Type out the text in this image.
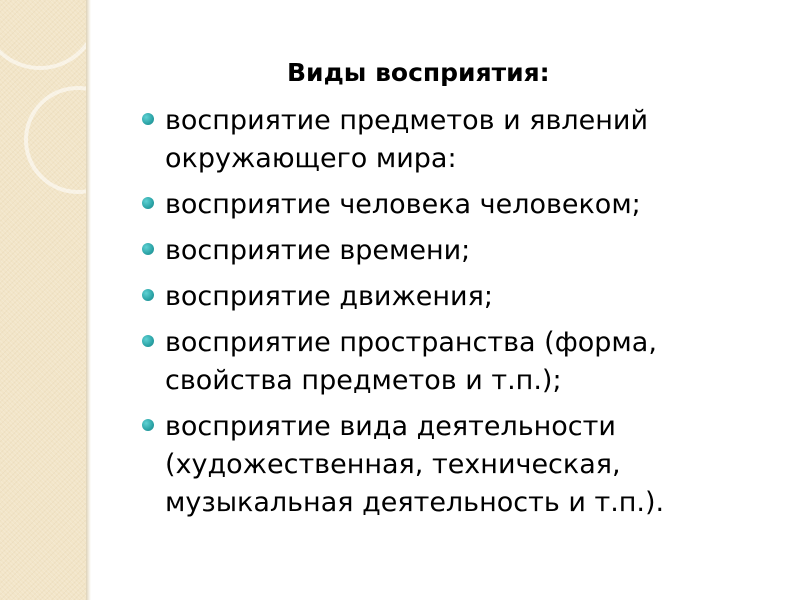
Виды восприятия:
восприятие предметов и явлений
окружающего мира:
восприятие человека человеком;
восприятие времени;
восприятие движения;
восприятие пространства (форма,
свойства предметов и т.п.);
восприятие вида деятельности
(художественная, техническая,
музыкальная деятельность и т.п.).
